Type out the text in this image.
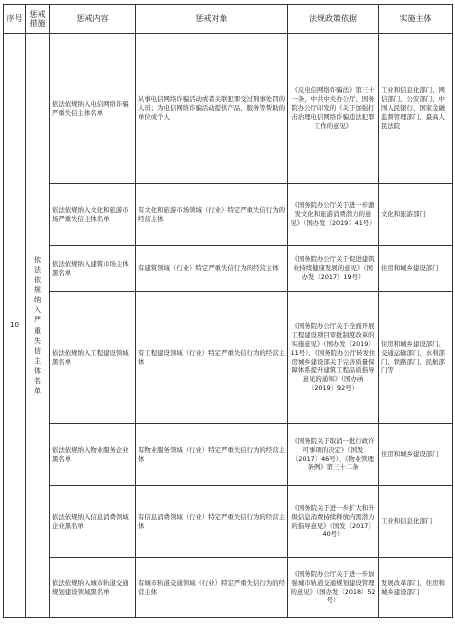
序号	惩戒措施	惩戒内容	惩戒对象	法规政策依据	实施主体
10	依法依规纳入严重失信主体名单	依法依规纳入电信网络诈骗严重失信主体名单	从事电信网络诈骗活动或者关联犯罪受过刑事处罚的人员；为电信网络诈骗活动提供产品、服务等帮助的单位或个人	《反电信网络诈骗法》第三十一条，中共中央办公厅、国务院办公厅印发的《关于加强打击治理电信网络诈骗违法犯罪工作的意见》	工业和信息化部门、网信部门、公安部门、中国人民银行、国家金融监督管理部门、最高人民法院
		依法依规纳入文化和旅游市场严重失信主体名单	有文化和旅游市场领域（行业）特定严重失信行为的经营主体	《国务院办公厅关于进一步激发文化和旅游消费潜力的意见》（国办发〔2019〕41号）	文化和旅游部门
		依法依规纳入建筑市场主体黑名单	有建筑领域（行业）特定严重失信行为的经营主体	《国务院办公厅关于促进建筑业持续健康发展的意见》（国办发〔2017〕19号）	住房和城乡建设部门
		依法依规纳入工程建设领域黑名单	有工程建设领域（行业）特定严重失信行为的经营主体	《国务院办公厅关于全面开展工程建设项目审批制度改革的实施意见》（国办发〔2019〕11号）、《国务院办公厅转发住房城乡建设部关于完善质量保障体系提升建筑工程品质指导意见的通知》（国办函〔2019〕92号）	住房和城乡建设部门、交通运输部门、水利部门、铁路部门、民航部门等
		依法依规纳入物业服务企业黑名单	有物业服务领域（行业）特定严重失信行为的经营主体	《国务院关于取消一批行政许可事项的决定》（国发〔2017〕46号）、《物业管理条例》第三十二条	住房和城乡建设部门
		依法依规纳入信息消费领域企业黑名单	有信息消费领域（行业）特定严重失信行为的经营主体	《国务院关于进一步扩大和升级信息消费持续释放内需潜力的指导意见》（国发〔2017〕40号）	工业和信息化部门
		依法依规纳入城市轨道交通规划建设领域黑名单	有城市轨道交通领域（行业）特定严重失信行为的经营主体	《国务院办公厅关于进一步加强城市轨道交通规划建设管理的意见》（国办发〔2018〕52号）	发展改革部门、住房和城乡建设部门
